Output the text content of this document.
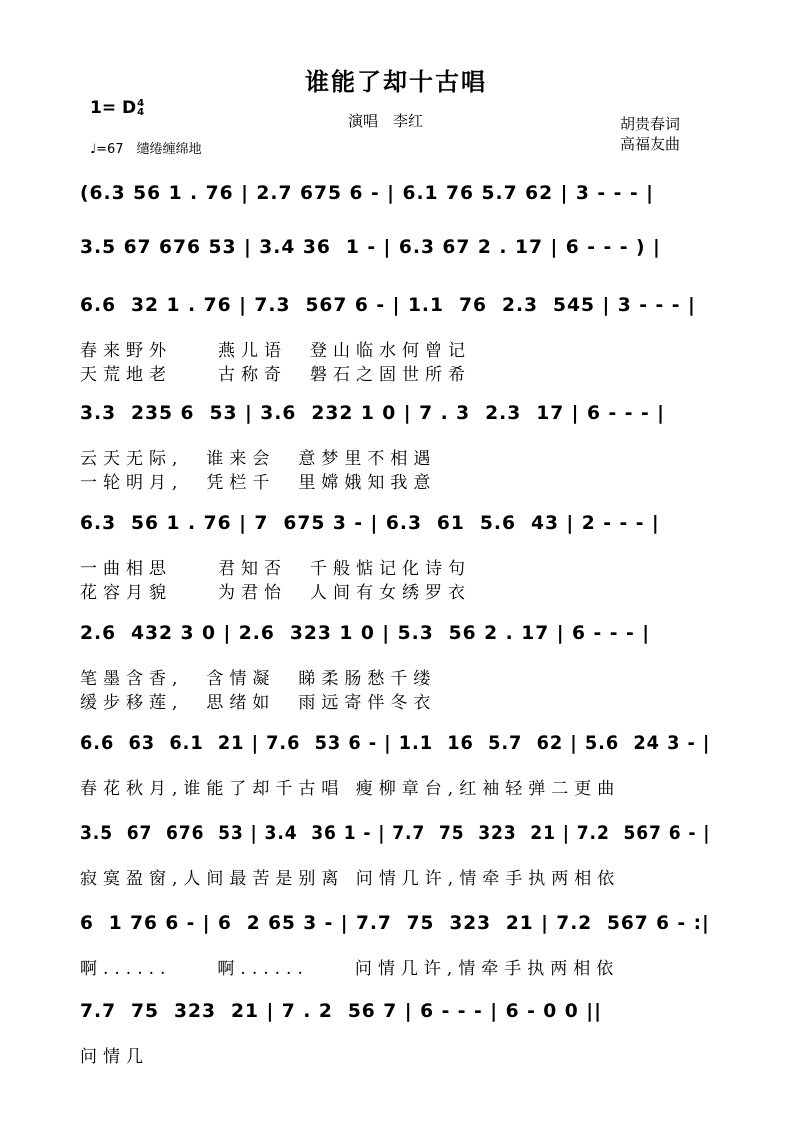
谁能了却十古唱
1= D4
4	演唱　李红	胡贵春词
高福友曲
♩=67　缱绻缠绵地
(6.3 56 1 . 76 | 2.7 675 6 - | 6.1 76 5.7 62 | 3 - - - |
3.5 67 676 53 | 3.4 36  1 - | 6.3 67 2 . 17 | 6 - - - ) |
6.6  32 1 . 76 | 7.3  567 6 - | 1.1  76  2.3  545 | 3 - - - |
春来野外　　燕儿语　登山临水何曾记
天荒地老　　古称奇　磐石之固世所希
3.3  235 6  53 | 3.6  232 1 0 | 7 . 3  2.3  17 | 6 - - - |
云天无际,　谁来会　意梦里不相遇
一轮明月,　凭栏千　里嫦娥知我意
6.3  56 1 . 76 | 7  675 3 - | 6.3  61  5.6  43 | 2 - - - |
一曲相思　　君知否　千般惦记化诗句
花容月貌　　为君怡　人间有女绣罗衣
2.6  432 3 0 | 2.6  323 1 0 | 5.3  56 2 . 17 | 6 - - - |
笔墨含香,　含情凝　睇柔肠愁千缕
缓步移莲,　思绪如　雨远寄伴冬衣
6.6  63  6.1  21 | 7.6  53 6 - | 1.1  16  5.7  62 | 5.6  24 3 - |
春花秋月,谁能了却千古唱 瘦柳章台,红袖轻弹二更曲
3.5  67  676  53 | 3.4  36 1 - | 7.7  75  323  21 | 7.2  567 6 - |
寂寞盈窗,人间最苦是别离 问情几许,情牵手执两相依
6  1 76 6 - | 6  2 65 3 - | 7.7  75  323  21 | 7.2  567 6 - :|
啊......　　啊......　　问情几许,情牵手执两相依
7.7  75  323  21 | 7 . 2  56 7 | 6 - - - | 6 - 0 0 ||
问情几
